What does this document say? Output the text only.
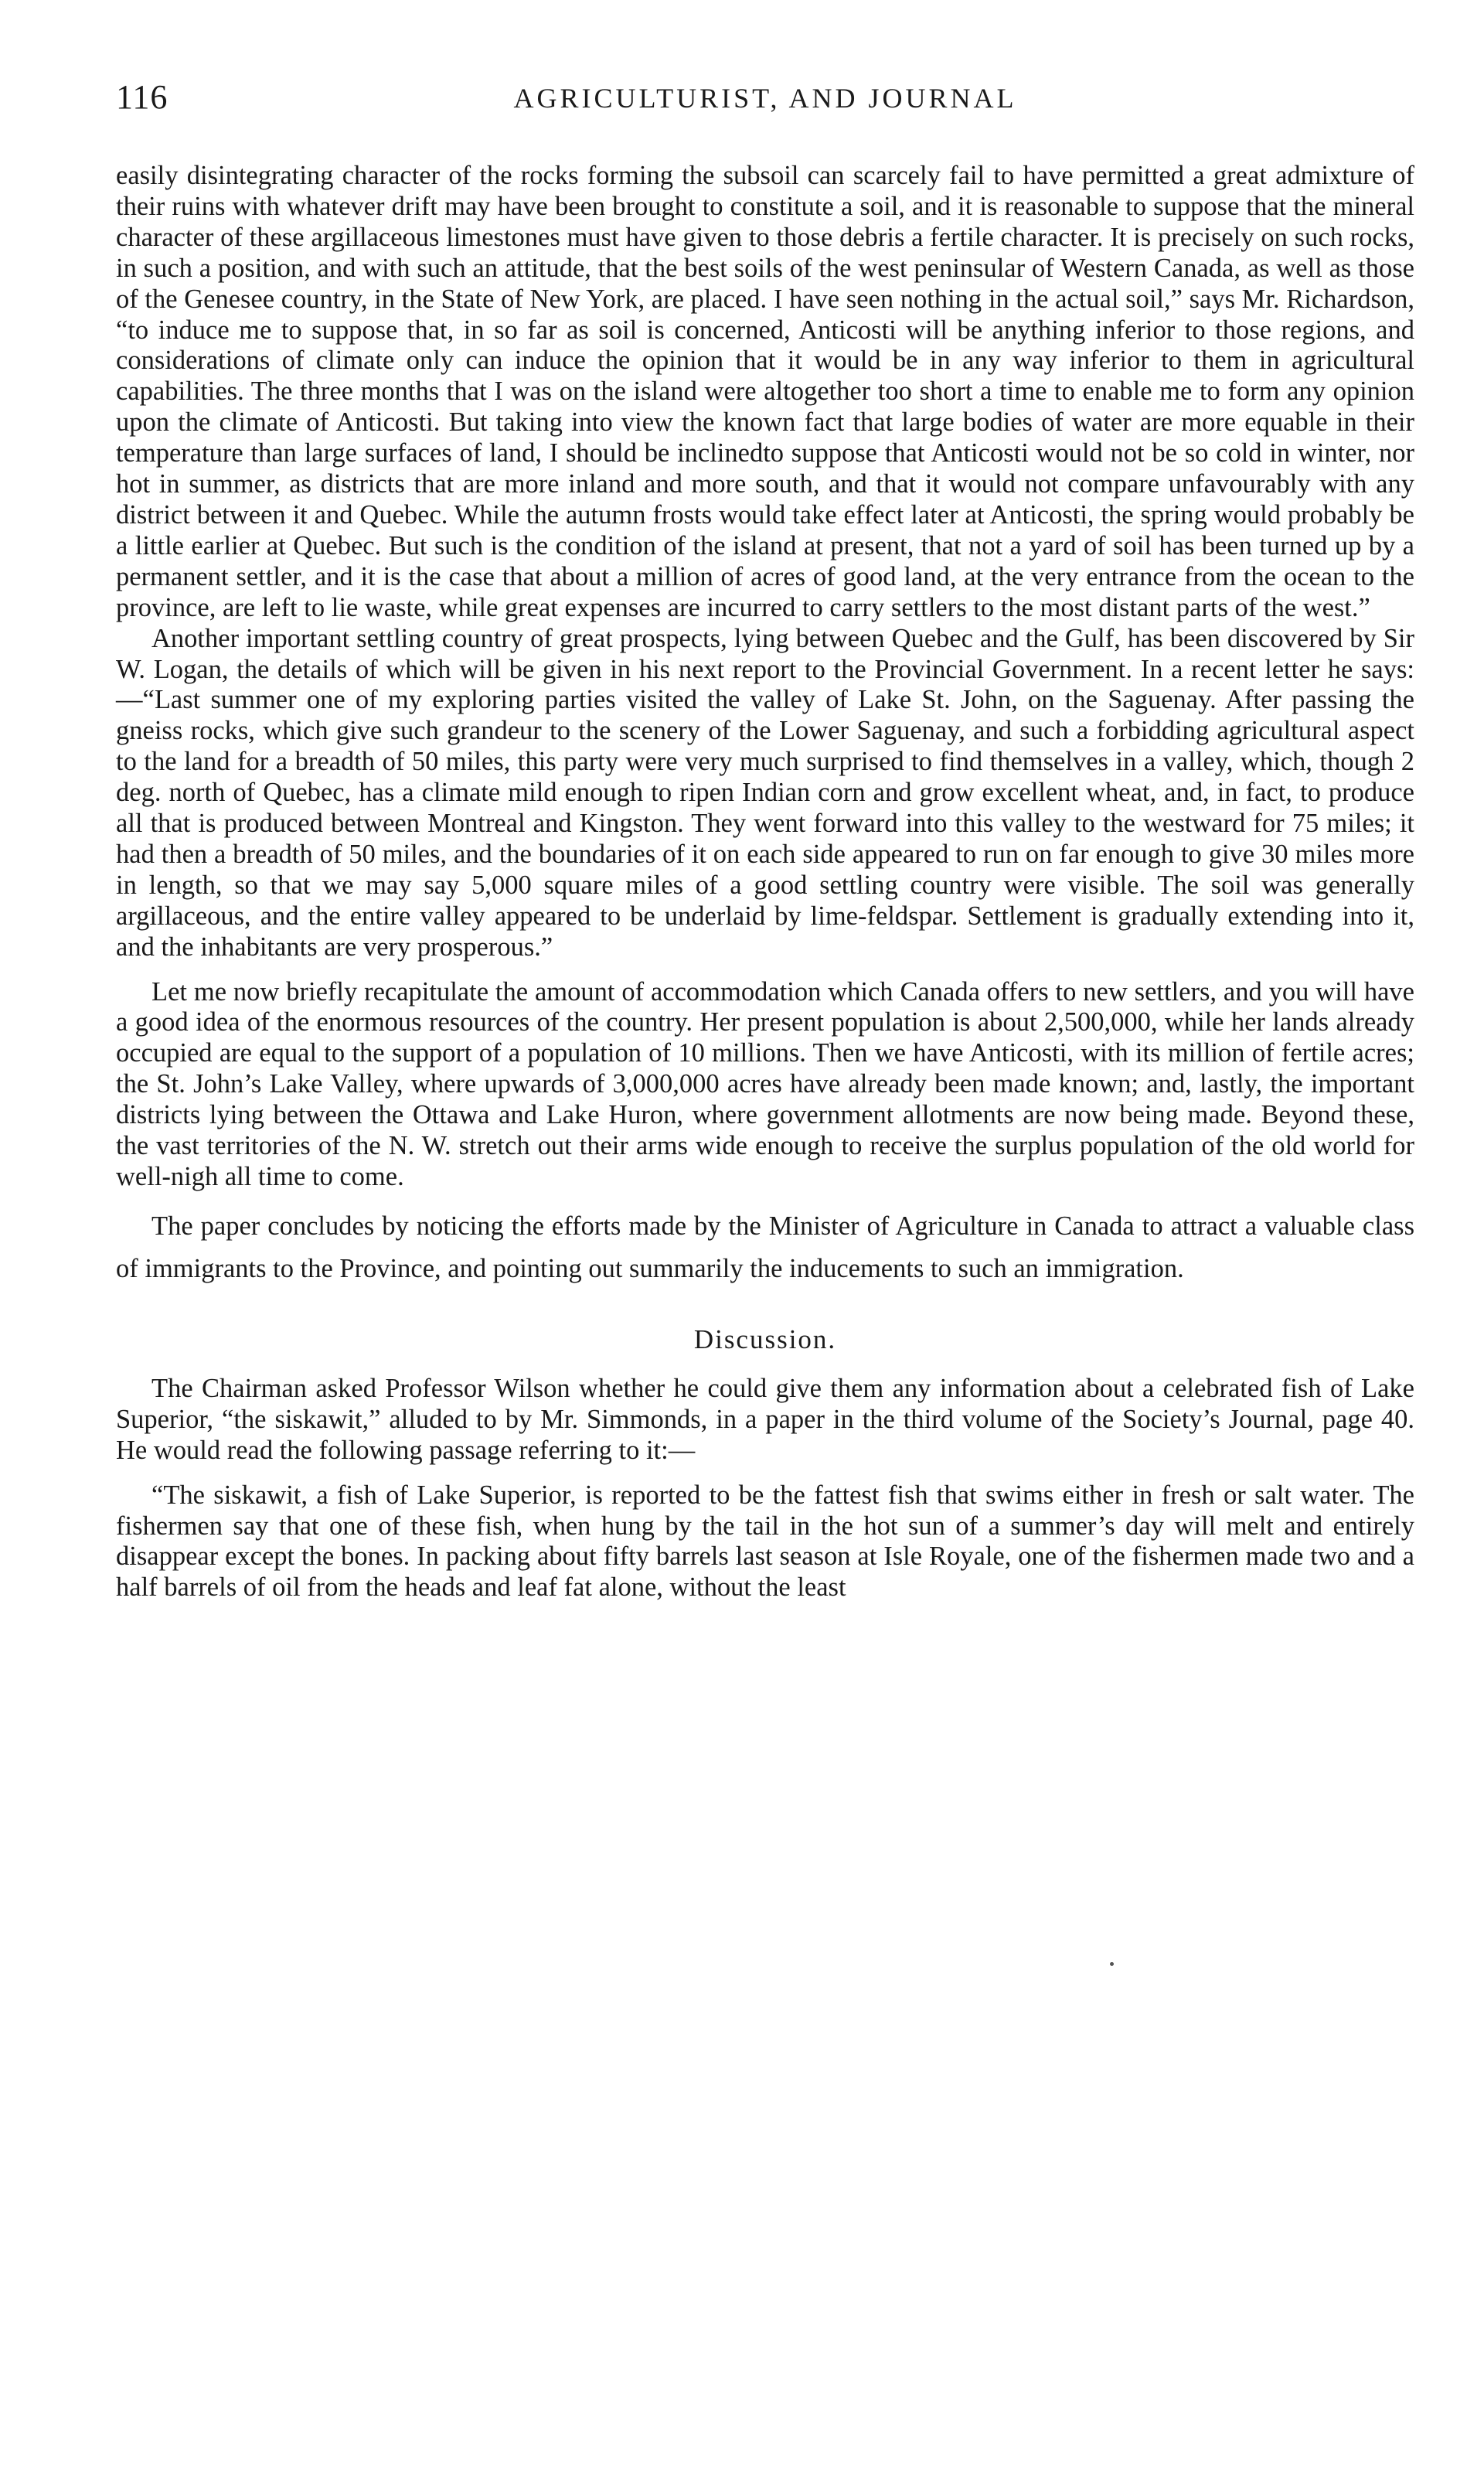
116	AGRICULTURIST, AND JOURNAL

easily disintegrating character of the rocks forming the subsoil can scarcely fail to have permitted a great admixture of their ruins with whatever drift may have been brought to constitute a soil, and it is reasonable to suppose that the mineral character of these argillaceous limestones must have given to those debris a fertile character. It is precisely on such rocks, in such a position, and with such an attitude, that the best soils of the west peninsular of Western Canada, as well as those of the Genesee country, in the State of New York, are placed. I have seen nothing in the actual soil,” says Mr. Richardson, “to induce me to suppose that, in so far as soil is concerned, Anticosti will be anything inferior to those regions, and considerations of climate only can induce the opinion that it would be in any way inferior to them in agricultural capabilities. The three months that I was on the island were altogether too short a time to enable me to form any opinion upon the climate of Anticosti. But taking into view the known fact that large bodies of water are more equable in their temperature than large surfaces of land, I should be inclinedto suppose that Anticosti would not be so cold in winter, nor hot in summer, as districts that are more inland and more south, and that it would not compare unfavourably with any district between it and Quebec. While the autumn frosts would take effect later at Anticosti, the spring would probably be a little earlier at Quebec. But such is the condition of the island at present, that not a yard of soil has been turned up by a permanent settler, and it is the case that about a million of acres of good land, at the very entrance from the ocean to the province, are left to lie waste, while great expenses are incurred to carry settlers to the most distant parts of the west.”

Another important settling country of great prospects, lying between Quebec and the Gulf, has been discovered by Sir W. Logan, the details of which will be given in his next report to the Provincial Government. In a recent letter he says:—“Last summer one of my exploring parties visited the valley of Lake St. John, on the Saguenay. After passing the gneiss rocks, which give such grandeur to the scenery of the Lower Saguenay, and such a forbidding agricultural aspect to the land for a breadth of 50 miles, this party were very much surprised to find themselves in a valley, which, though 2 deg. north of Quebec, has a climate mild enough to ripen Indian corn and grow excellent wheat, and, in fact, to produce all that is produced between Montreal and Kingston. They went forward into this valley to the westward for 75 miles; it had then a breadth of 50 miles, and the boundaries of it on each side appeared to run on far enough to give 30 miles more in length, so that we may say 5,000 square miles of a good settling country were visible. The soil was generally argillaceous, and the entire valley appeared to be underlaid by lime-feldspar. Settlement is gradually extending into it, and the inhabitants are very prosperous.”

Let me now briefly recapitulate the amount of accommodation which Canada offers to new settlers, and you will have a good idea of the enormous resources of the country. Her present population is about 2,500,000, while her lands already occupied are equal to the support of a population of 10 millions. Then we have Anticosti, with its million of fertile acres; the St. John’s Lake Valley, where upwards of 3,000,000 acres have already been made known; and, lastly, the important districts lying between the Ottawa and Lake Huron, where government allotments are now being made. Beyond these, the vast territories of the N. W. stretch out their arms wide enough to receive the surplus population of the old world for well-nigh all time to come.

The paper concludes by noticing the efforts made by the Minister of Agriculture in Canada to attract a valuable class of immigrants to the Province, and pointing out summarily the inducements to such an immigration.

Discussion.

The Chairman asked Professor Wilson whether he could give them any information about a celebrated fish of Lake Superior, “the siskawit,” alluded to by Mr. Simmonds, in a paper in the third volume of the Society’s Journal, page 40. He would read the following passage referring to it:—

“The siskawit, a fish of Lake Superior, is reported to be the fattest fish that swims either in fresh or salt water. The fishermen say that one of these fish, when hung by the tail in the hot sun of a summer’s day will melt and entirely disappear except the bones. In packing about fifty barrels last season at Isle Royale, one of the fishermen made two and a half barrels of oil from the heads and leaf fat alone, without the least
